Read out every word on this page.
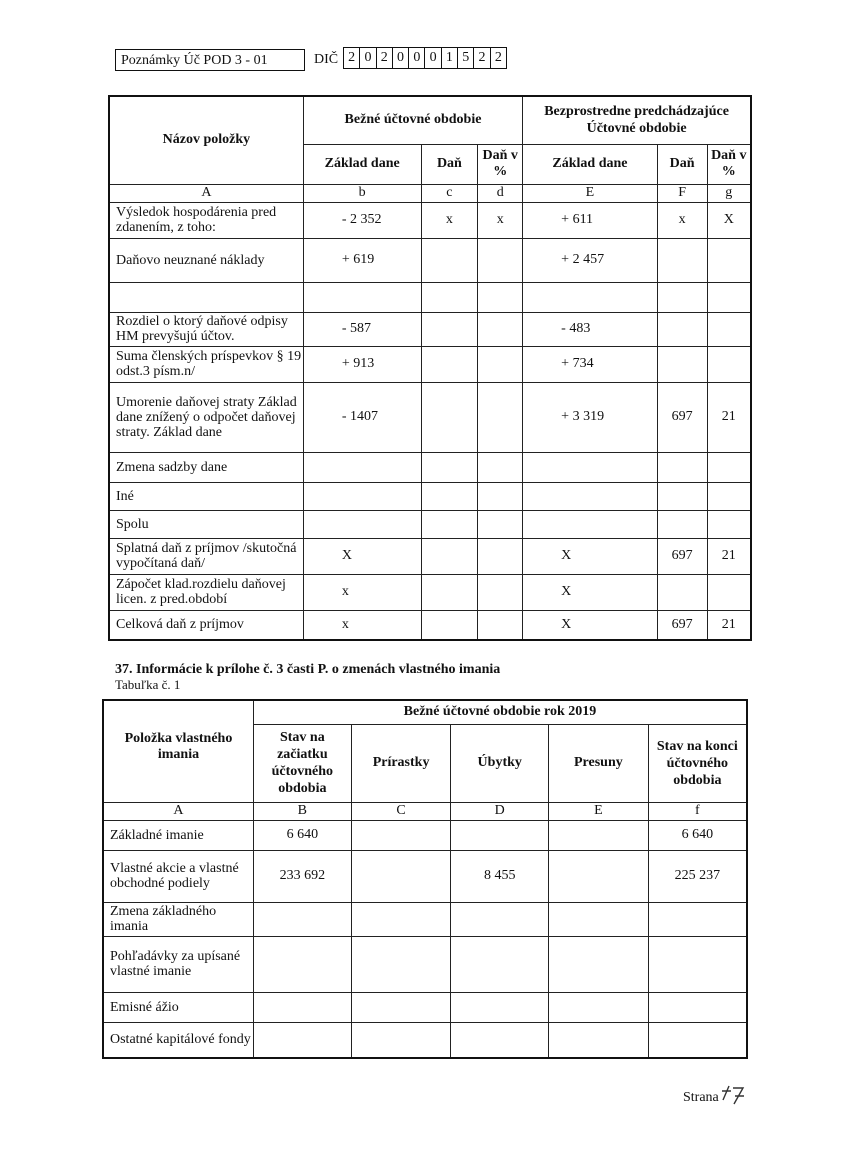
Poznámky Úč POD 3 - 01	DIČ 2 0 2 0 0 0 1 5 2 2
Názov položky	Bežné účtovné obdobie			Bezprostredne predchádzajúce Účtovné obdobie		
	Základ dane	Daň	Daň v %	Základ dane	Daň	Daň v %
A	b	c	d	E	F	g
Výsledok hospodárenia pred zdanením, z toho:	- 2 352	x	x	+ 611	x	X
Daňovo neuznané náklady	+ 619			+ 2 457		

Rozdiel o ktorý daňové odpisy HM prevyšujú účtov.	- 587			- 483		
Suma členských príspevkov § 19 odst.3 písm.n/	+ 913			+ 734		
Umorenie daňovej straty Základ dane znížený o odpočet daňovej straty. Základ dane	- 1407			+ 3 319	697	21
Zmena sadzby dane						
Iné						
Spolu						
Splatná daň z príjmov /skutočná vypočítaná daň/	X			X	697	21
Zápočet klad.rozdielu daňovej licen. z pred.období	x			X		
Celková daň z príjmov	x			X	697	21
37. Informácie k prílohe č. 3 časti P. o zmenách vlastného imania
Tabuľka č. 1
Položka vlastného imania	Bežné účtovné obdobie rok 2019				
	Stav na začiatku účtovného obdobia	Prírastky	Úbytky	Presuny	Stav na konci účtovného obdobia
A	B	C	D	E	f
Základné imanie	6 640				6 640
Vlastné akcie a vlastné obchodné podiely	233 692		8 455		225 237
Zmena základného imania					
Pohľadávky za upísané vlastné imanie					
Emisné ážio					
Ostatné kapitálové fondy					
Strana
